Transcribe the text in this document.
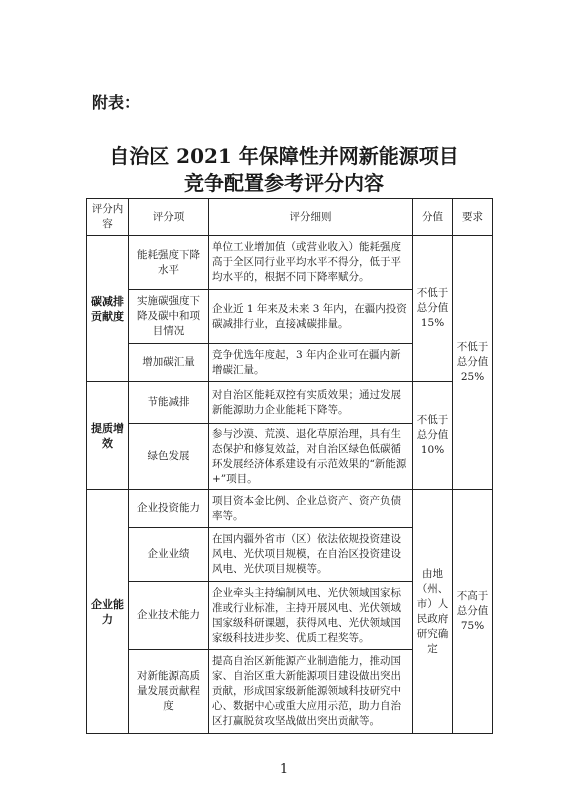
附表：
自治区 2021 年保障性并网新能源项目
竞争配置参考评分内容
评分内容	评分项	评分细则	分值	要求
碳减排贡献度	能耗强度下降水平	单位工业增加值（或营业收入）能耗强度高于全区同行业平均水平不得分，低于平均水平的，根据不同下降率赋分。	不低于总分值15%	不低于总分值25%
	实施碳强度下降及碳中和项目情况	企业近 1 年来及未来 3 年内，在疆内投资碳减排行业，直接减碳排量。		
	增加碳汇量	竞争优选年度起，3 年内企业可在疆内新增碳汇量。		
提质增效	节能减排	对自治区能耗双控有实质效果；通过发展新能源助力企业能耗下降等。	不低于总分值10%	
	绿色发展	参与沙漠、荒漠、退化草原治理，具有生态保护和修复效益，对自治区绿色低碳循环发展经济体系建设有示范效果的“新能源+”项目。		
企业能力	企业投资能力	项目资本金比例、企业总资产、资产负债率等。	由地（州、市）人民政府研究确定	不高于总分值75%
	企业业绩	在国内疆外省市（区）依法依规投资建设风电、光伏项目规模，在自治区投资建设风电、光伏项目规模等。		
	企业技术能力	企业牵头主持编制风电、光伏领域国家标准或行业标准，主持开展风电、光伏领域国家级科研课题，获得风电、光伏领域国家级科技进步奖、优质工程奖等。		
	对新能源高质量发展贡献程度	提高自治区新能源产业制造能力，推动国家、自治区重大新能源项目建设做出突出贡献，形成国家级新能源领域科技研究中心、数据中心或重大应用示范，助力自治区打赢脱贫攻坚战做出突出贡献等。		
1
